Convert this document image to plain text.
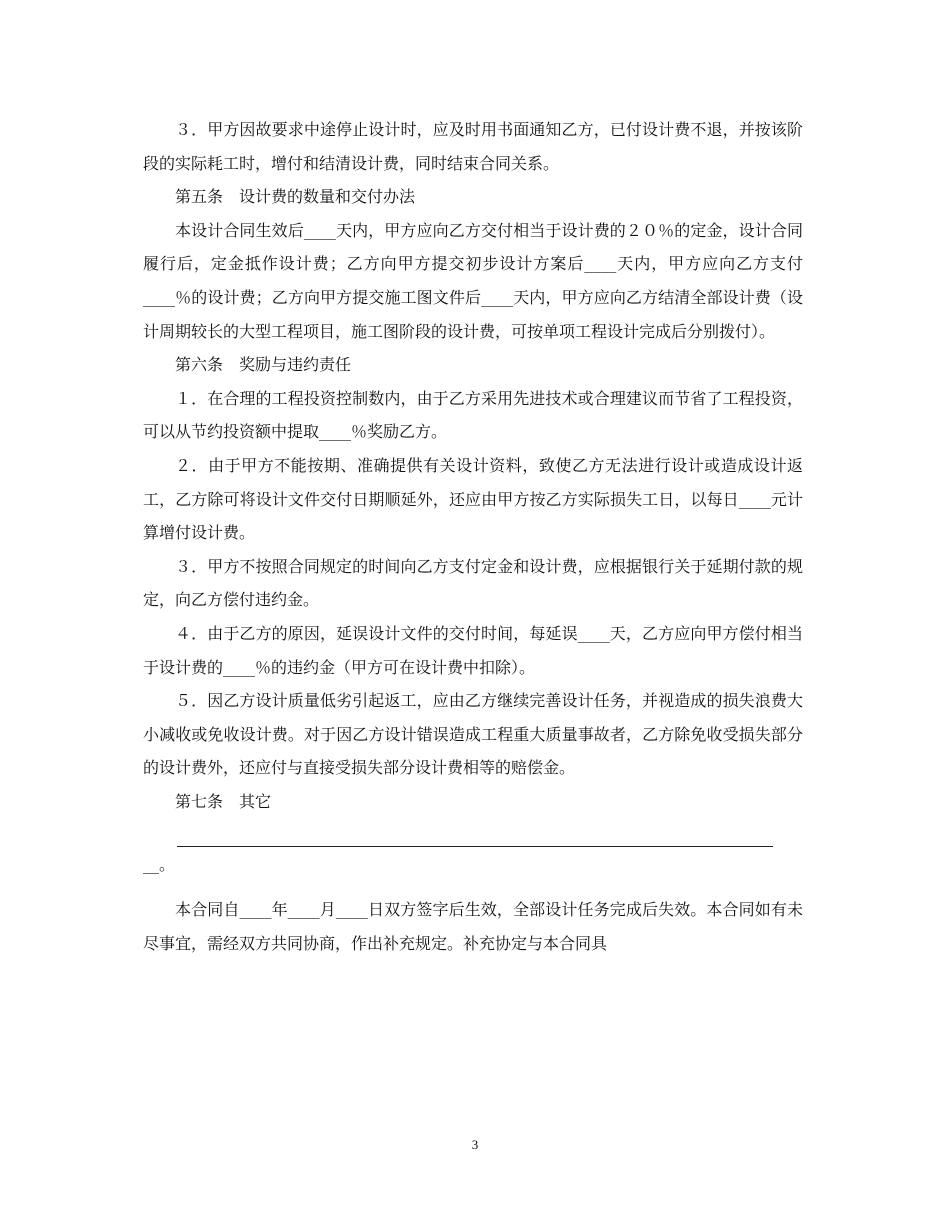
３．甲方因故要求中途停止设计时，应及时用书面通知乙方，已付设计费不退，并按该阶段的实际耗工时，增付和结清设计费，同时结束合同关系。

第五条　设计费的数量和交付办法

本设计合同生效后____天内，甲方应向乙方交付相当于设计费的２０％的定金，设计合同履行后，定金抵作设计费；乙方向甲方提交初步设计方案后____天内，甲方应向乙方支付____％的设计费；乙方向甲方提交施工图文件后____天内，甲方应向乙方结清全部设计费（设计周期较长的大型工程项目，施工图阶段的设计费，可按单项工程设计完成后分别拨付）。

第六条　奖励与违约责任

１．在合理的工程投资控制数内，由于乙方采用先进技术或合理建议而节省了工程投资，可以从节约投资额中提取____％奖励乙方。

２．由于甲方不能按期、准确提供有关设计资料，致使乙方无法进行设计或造成设计返工，乙方除可将设计文件交付日期顺延外，还应由甲方按乙方实际损失工日，以每日____元计算增付设计费。

３．甲方不按照合同规定的时间向乙方支付定金和设计费，应根据银行关于延期付款的规定，向乙方偿付违约金。

４．由于乙方的原因，延误设计文件的交付时间，每延误____天，乙方应向甲方偿付相当于设计费的____％的违约金（甲方可在设计费中扣除）。

５．因乙方设计质量低劣引起返工，应由乙方继续完善设计任务，并视造成的损失浪费大小减收或免收设计费。对于因乙方设计错误造成工程重大质量事故者，乙方除免收受损失部分的设计费外，还应付与直接受损失部分设计费相等的赔偿金。

第七条　其它

__。

本合同自____年____月____日双方签字后生效，全部设计任务完成后失效。本合同如有未尽事宜，需经双方共同协商，作出补充规定。补充协定与本合同具

3
